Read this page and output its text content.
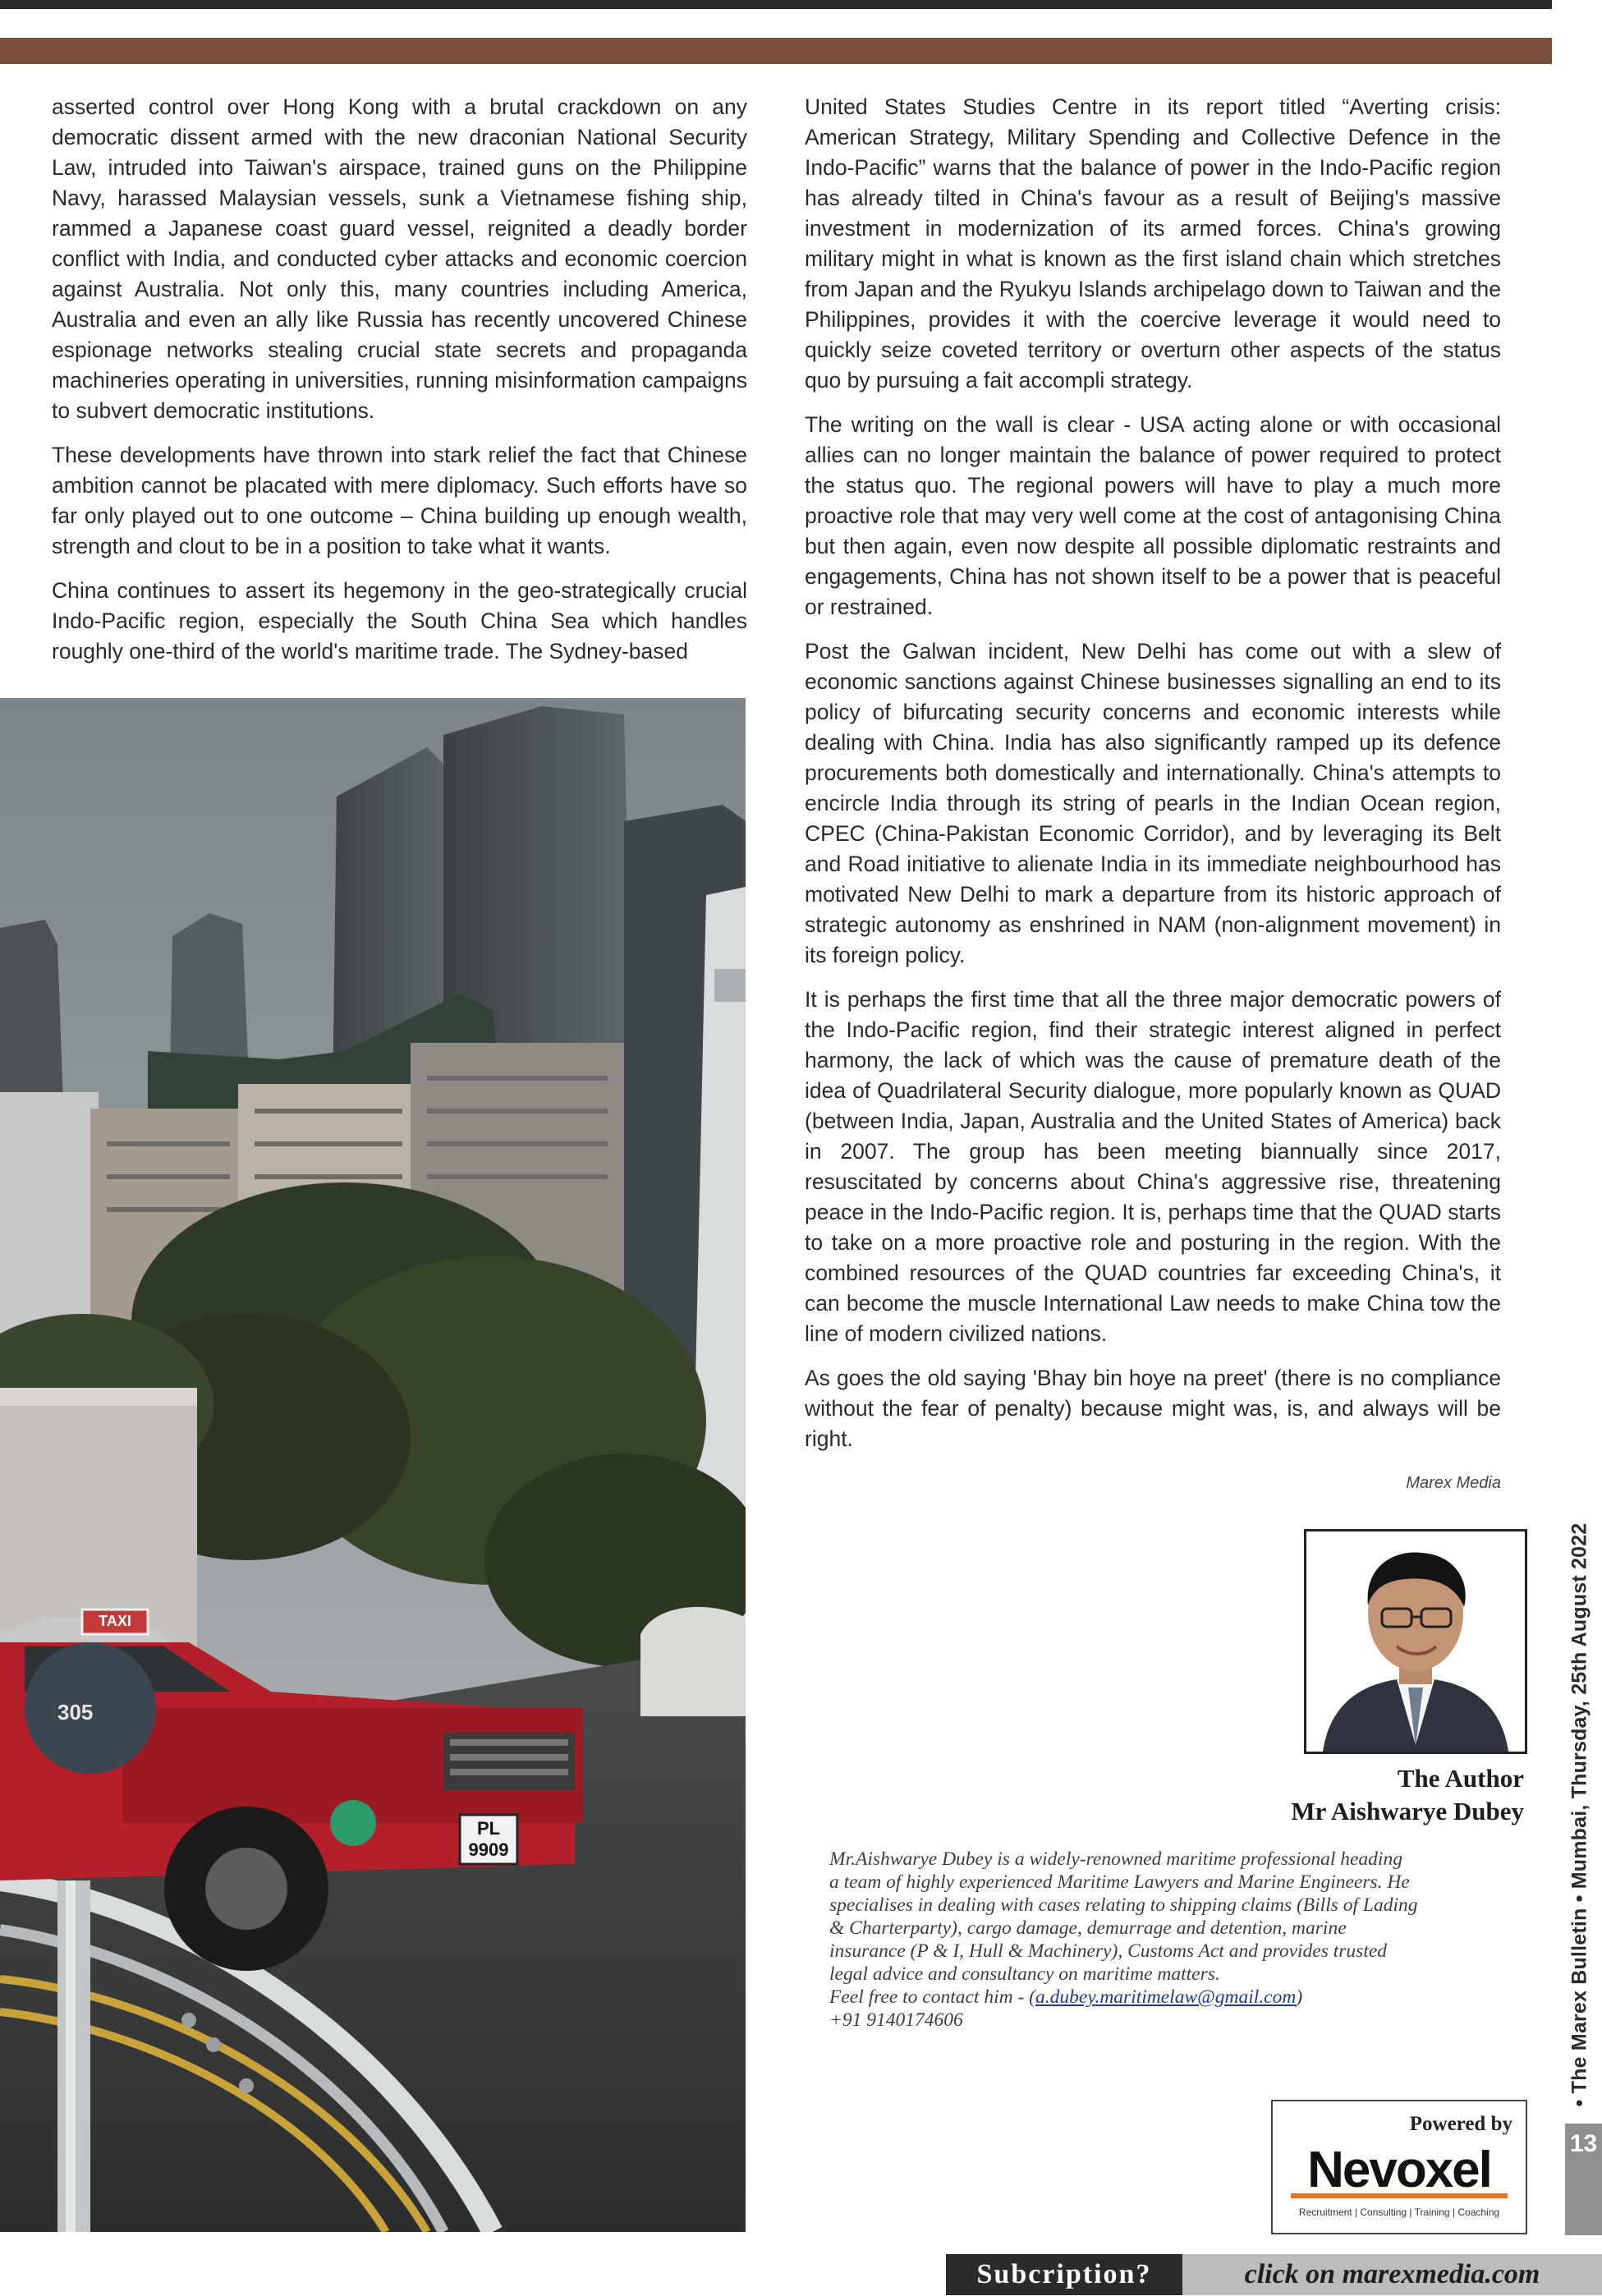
asserted control over Hong Kong with a brutal crackdown on any democratic dissent armed with the new draconian National Security Law, intruded into Taiwan's airspace, trained guns on the Philippine Navy, harassed Malaysian vessels, sunk a Vietnamese fishing ship, rammed a Japanese coast guard vessel, reignited a deadly border conflict with India, and conducted cyber attacks and economic coercion against Australia. Not only this, many countries including America, Australia and even an ally like Russia has recently uncovered Chinese espionage networks stealing crucial state secrets and propaganda machineries operating in universities, running misinformation campaigns to subvert democratic institutions.

These developments have thrown into stark relief the fact that Chinese ambition cannot be placated with mere diplomacy. Such efforts have so far only played out to one outcome – China building up enough wealth, strength and clout to be in a position to take what it wants.

China continues to assert its hegemony in the geo-strategically crucial Indo-Pacific region, especially the South China Sea which handles roughly one-third of the world's maritime trade. The Sydney-based

United States Studies Centre in its report titled “Averting crisis: American Strategy, Military Spending and Collective Defence in the Indo-Pacific” warns that the balance of power in the Indo-Pacific region has already tilted in China's favour as a result of Beijing's massive investment in modernization of its armed forces. China's growing military might in what is known as the first island chain which stretches from Japan and the Ryukyu Islands archipelago down to Taiwan and the Philippines, provides it with the coercive leverage it would need to quickly seize coveted territory or overturn other aspects of the status quo by pursuing a fait accompli strategy.

The writing on the wall is clear - USA acting alone or with occasional allies can no longer maintain the balance of power required to protect the status quo. The regional powers will have to play a much more proactive role that may very well come at the cost of antagonising China but then again, even now despite all possible diplomatic restraints and engagements, China has not shown itself to be a power that is peaceful or restrained.

Post the Galwan incident, New Delhi has come out with a slew of economic sanctions against Chinese businesses signalling an end to its policy of bifurcating security concerns and economic interests while dealing with China. India has also significantly ramped up its defence procurements both domestically and internationally. China's attempts to encircle India through its string of pearls in the Indian Ocean region, CPEC (China-Pakistan Economic Corridor), and by leveraging its Belt and Road initiative to alienate India in its immediate neighbourhood has motivated New Delhi to mark a departure from its historic approach of strategic autonomy as enshrined in NAM (non-alignment movement) in its foreign policy.

It is perhaps the first time that all the three major democratic powers of the Indo-Pacific region, find their strategic interest aligned in perfect harmony, the lack of which was the cause of premature death of the idea of Quadrilateral Security dialogue, more popularly known as QUAD (between India, Japan, Australia and the United States of America) back in 2007. The group has been meeting biannually since 2017, resuscitated by concerns about China's aggressive rise, threatening peace in the Indo-Pacific region. It is, perhaps time that the QUAD starts to take on a more proactive role and posturing in the region. With the combined resources of the QUAD countries far exceeding China's, it can become the muscle International Law needs to make China tow the line of modern civilized nations.

As goes the old saying 'Bhay bin hoye na preet' (there is no compliance without the fear of penalty) because might was, is, and always will be right.

TAXI
305
PL
9909
Marex Media
The Author
Mr Aishwarye Dubey
Mr.Aishwarye Dubey is a widely-renowned maritime professional heading
a team of highly experienced Maritime Lawyers and Marine Engineers. He
specialises in dealing with cases relating to shipping claims (Bills of Lading
& Charterparty), cargo damage, demurrage and detention, marine
insurance (P & I, Hull & Machinery), Customs Act and provides trusted
legal advice and consultancy on maritime matters.
Feel free to contact him - (a.dubey.maritimelaw@gmail.com)
+91 9140174606	• The Marex Bulletin • Mumbai, Thursday, 25th August 2022
13
Powered by
Nevoxel
Recruitment | Consulting | Training | Coaching
Subcription?	click on marexmedia.com
